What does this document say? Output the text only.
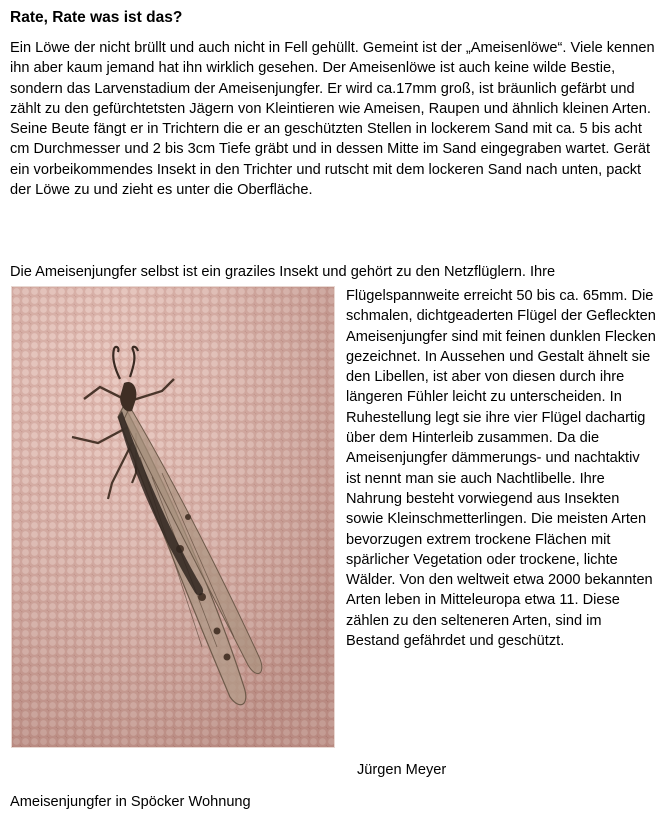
Rate, Rate was ist das?

Ein Löwe der nicht brüllt und auch nicht in Fell gehüllt. Gemeint ist der „Ameisenlöwe“. Viele kennen ihn aber kaum jemand hat ihn wirklich gesehen. Der Ameisenlöwe ist auch keine wilde Bestie, sondern das Larvenstadium der Ameisenjungfer. Er wird ca.17mm groß, ist bräunlich gefärbt und zählt zu den gefürchtetsten Jägern von Kleintieren wie Ameisen, Raupen und ähnlich kleinen Arten. Seine Beute fängt er in Trichtern die er an geschützten Stellen in lockerem Sand mit ca. 5 bis acht cm Durchmesser und 2 bis 3cm Tiefe gräbt und in dessen Mitte im Sand eingegraben wartet. Gerät ein vorbeikommendes Insekt in den Trichter und rutscht mit dem lockeren Sand nach unten, packt der Löwe zu und zieht es unter die Oberfläche.

Die Ameisenjungfer selbst ist ein graziles Insekt und gehört zu den Netzflüglern. Ihre

Flügelspannweite erreicht 50 bis ca. 65mm. Die schmalen, dichtgeaderten Flügel der Gefleckten Ameisenjungfer sind mit feinen dunklen Flecken gezeichnet. In Aussehen und Gestalt ähnelt sie den Libellen, ist aber von diesen durch ihre längeren Fühler leicht zu unterscheiden. In Ruhestellung legt sie ihre vier Flügel dachartig über dem Hinterleib zusammen. Da die Ameisenjungfer dämmerungs- und nachtaktiv ist nennt man sie auch Nachtlibelle. Ihre Nahrung besteht vorwiegend aus Insekten sowie Kleinschmetterlingen. Die meisten Arten bevorzugen extrem trockene Flächen mit spärlicher Vegetation oder trockene, lichte Wälder. Von den weltweit etwa 2000 bekannten Arten leben in Mitteleuropa etwa 11. Diese zählen zu den selteneren Arten, sind im Bestand gefährdet und geschützt.

Jürgen Meyer

Ameisenjungfer in Spöcker Wohnung
